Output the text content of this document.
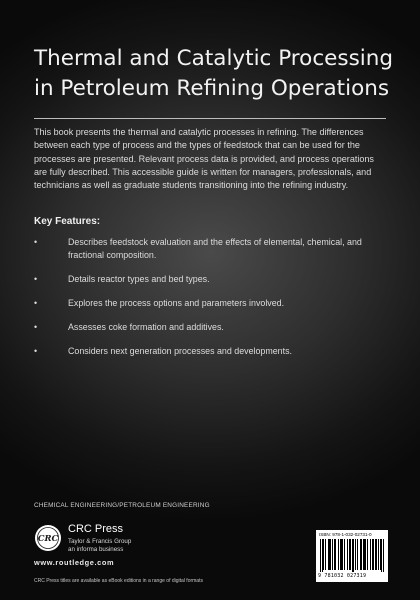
Thermal and Catalytic Processing
in Petroleum Refining Operations

This book presents the thermal and catalytic processes in refining. The differences between each type of process and the types of feedstock that can be used for the processes are presented. Relevant process data is provided, and process operations are fully described. This accessible guide is written for managers, professionals, and technicians as well as graduate students transitioning into the refining industry.

Key Features:

• Describes feedstock evaluation and the effects of elemental, chemical, and fractional composition.
• Details reactor types and bed types.
• Explores the process options and parameters involved.
• Assesses coke formation and additives.
• Considers next generation processes and developments.
CHEMICAL ENGINEERING/PETROLEUM ENGINEERING
CRC
CRC Press
Taylor & Francis Group
an informa business
www.routledge.com
CRC Press titles are available as eBook editions in a range of digital formats
ISBN: 978-1-032-02731-0
9 781032 027319
